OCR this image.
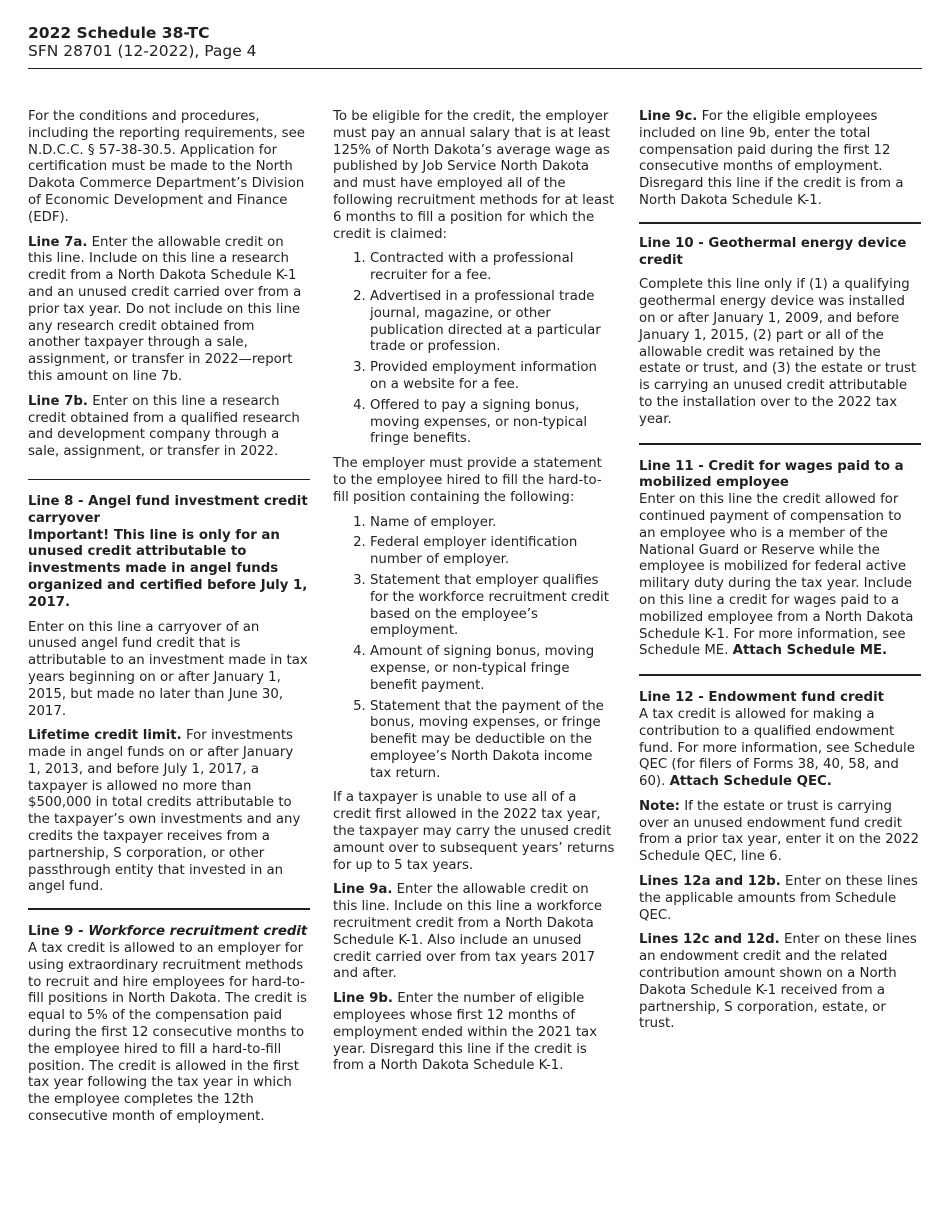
2022 Schedule 38-TC
SFN 28701 (12-2022), Page 4

For the conditions and procedures, including the reporting requirements, see N.D.C.C. § 57-38-30.5. Application for certification must be made to the North Dakota Commerce Department’s Division of Economic Development and Finance (EDF).

Line 7a. Enter the allowable credit on this line. Include on this line a research credit from a North Dakota Schedule K-1 and an unused credit carried over from a prior tax year. Do not include on this line any research credit obtained from another taxpayer through a sale, assignment, or transfer in 2022—report this amount on line 7b.

Line 7b. Enter on this line a research credit obtained from a qualified research and development company through a sale, assignment, or transfer in 2022.

Line 8 - Angel fund investment credit carryover

Important! This line is only for an unused credit attributable to investments made in angel funds organized and certified before July 1, 2017.

Enter on this line a carryover of an unused angel fund credit that is attributable to an investment made in tax years beginning on or after January 1, 2015, but made no later than June 30, 2017.

Lifetime credit limit. For investments made in angel funds on or after January 1, 2013, and before July 1, 2017, a taxpayer is allowed no more than $500,000 in total credits attributable to the taxpayer’s own investments and any credits the taxpayer receives from a partnership, S corporation, or other passthrough entity that invested in an angel fund.

Line 9 - Workforce recruitment credit

A tax credit is allowed to an employer for using extraordinary recruitment methods to recruit and hire employees for hard-to-fill positions in North Dakota. The credit is equal to 5% of the compensation paid during the first 12 consecutive months to the employee hired to fill a hard-to-fill position. The credit is allowed in the first tax year following the tax year in which the employee completes the 12th consecutive month of employment.

To be eligible for the credit, the employer must pay an annual salary that is at least 125% of North Dakota’s average wage as published by Job Service North Dakota and must have employed all of the following recruitment methods for at least 6 months to fill a position for which the credit is claimed:

1. Contracted with a professional recruiter for a fee.
2. Advertised in a professional trade journal, magazine, or other publication directed at a particular trade or profession.
3. Provided employment information on a website for a fee.
4. Offered to pay a signing bonus, moving expenses, or non-typical fringe benefits.

The employer must provide a statement to the employee hired to fill the hard-to-fill position containing the following:

1. Name of employer.
2. Federal employer identification number of employer.
3. Statement that employer qualifies for the workforce recruitment credit based on the employee’s employment.
4. Amount of signing bonus, moving expense, or non-typical fringe benefit payment.
5. Statement that the payment of the bonus, moving expenses, or fringe benefit may be deductible on the employee’s North Dakota income tax return.

If a taxpayer is unable to use all of a credit first allowed in the 2022 tax year, the taxpayer may carry the unused credit amount over to subsequent years’ returns for up to 5 tax years.

Line 9a. Enter the allowable credit on this line. Include on this line a workforce recruitment credit from a North Dakota Schedule K-1. Also include an unused credit carried over from tax years 2017 and after.

Line 9b. Enter the number of eligible employees whose first 12 months of employment ended within the 2021 tax year. Disregard this line if the credit is from a North Dakota Schedule K-1.

Line 9c. For the eligible employees included on line 9b, enter the total compensation paid during the first 12 consecutive months of employment. Disregard this line if the credit is from a North Dakota Schedule K-1.

Line 10 - Geothermal energy device credit

Complete this line only if (1) a qualifying geothermal energy device was installed on or after January 1, 2009, and before January 1, 2015, (2) part or all of the allowable credit was retained by the estate or trust, and (3) the estate or trust is carrying an unused credit attributable to the installation over to the 2022 tax year.

Line 11 - Credit for wages paid to a mobilized employee

Enter on this line the credit allowed for continued payment of compensation to an employee who is a member of the National Guard or Reserve while the employee is mobilized for federal active military duty during the tax year. Include on this line a credit for wages paid to a mobilized employee from a North Dakota Schedule K-1. For more information, see Schedule ME. Attach Schedule ME.

Line 12 - Endowment fund credit

A tax credit is allowed for making a contribution to a qualified endowment fund. For more information, see Schedule QEC (for filers of Forms 38, 40, 58, and 60). Attach Schedule QEC.

Note: If the estate or trust is carrying over an unused endowment fund credit from a prior tax year, enter it on the 2022 Schedule QEC, line 6.

Lines 12a and 12b. Enter on these lines the applicable amounts from Schedule QEC.

Lines 12c and 12d. Enter on these lines an endowment credit and the related contribution amount shown on a North Dakota Schedule K-1 received from a partnership, S corporation, estate, or trust.
